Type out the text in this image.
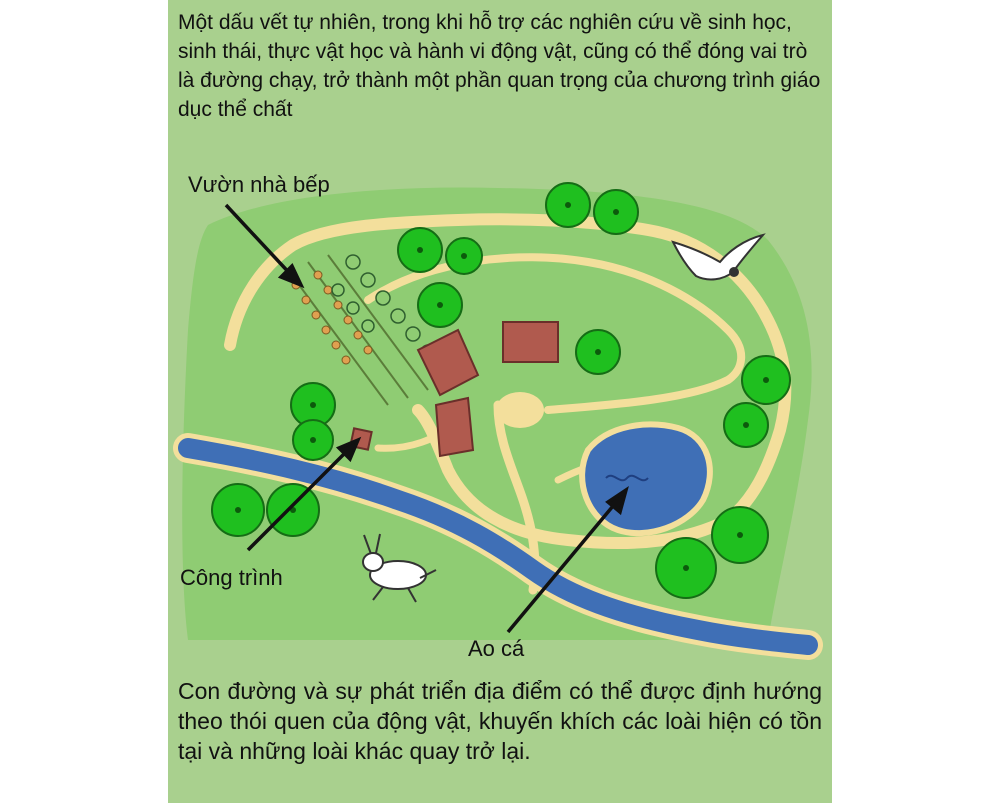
Một dấu vết tự nhiên, trong khi hỗ trợ các nghiên cứu về sinh học, sinh thái, thực vật học và hành vi động vật, cũng có thể đóng vai trò là đường chạy, trở thành một phần quan trọng của chương trình giáo dục thể chất

Vườn nhà bếp
Công trình
Ao cá

Con đường và sự phát triển địa điểm có thể được định hướng theo thói quen của động vật, khuyến khích các loài hiện có tồn tại và những loài khác quay trở lại.
